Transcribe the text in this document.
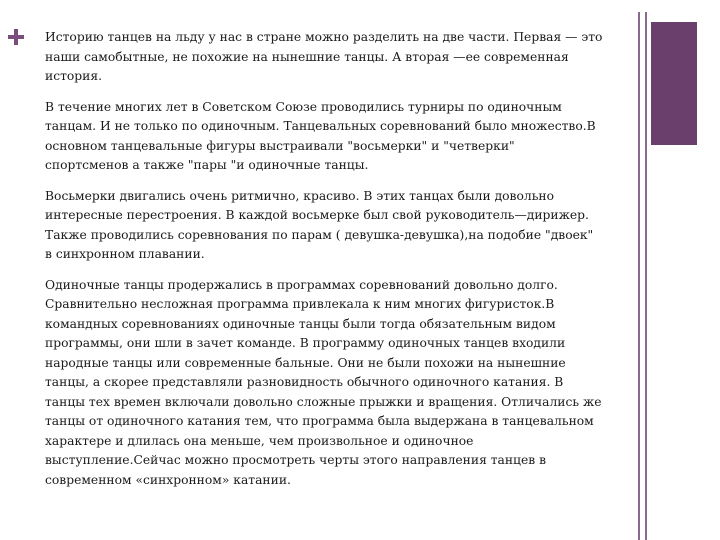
Историю танцев на льду у нас в стране можно разделить на две части. Первая — это
наши самобытные, не похожие на нынешние танцы. А вторая —ее современная
история.

В течение многих лет в Советском Союзе проводились турниры по одиночным
танцам. И не только по одиночным. Танцевальных соревнований было множество.В
основном танцевальные фигуры выстраивали "восьмерки" и "четверки"
спортсменов а также "пары "и одиночные танцы.

Восьмерки двигались очень ритмично, красиво. В этих танцах были довольно
интересные перестроения. В каждой восьмерке был свой руководитель—дирижер.
Также проводились соревнования по парам ( девушка-девушка),на подобие "двоек"
в синхронном плавании.

Одиночные танцы продержались в программах соревнований довольно долго.
Сравнительно несложная программа привлекала к ним многих фигуристок.В
командных соревнованиях одиночные танцы были тогда обязательным видом
программы, они шли в зачет команде. В программу одиночных танцев входили
народные танцы или современные бальные. Они не были похожи на нынешние
танцы, а скорее представляли разновидность обычного одиночного катания. В
танцы тех времен включали довольно сложные прыжки и вращения. Отличались же
танцы от одиночного катания тем, что программа была выдержана в танцевальном
характере и длилась она меньше, чем произвольное и одиночное
выступление.Сейчас можно просмотреть черты этого направления танцев в
современном «синхронном» катании.
